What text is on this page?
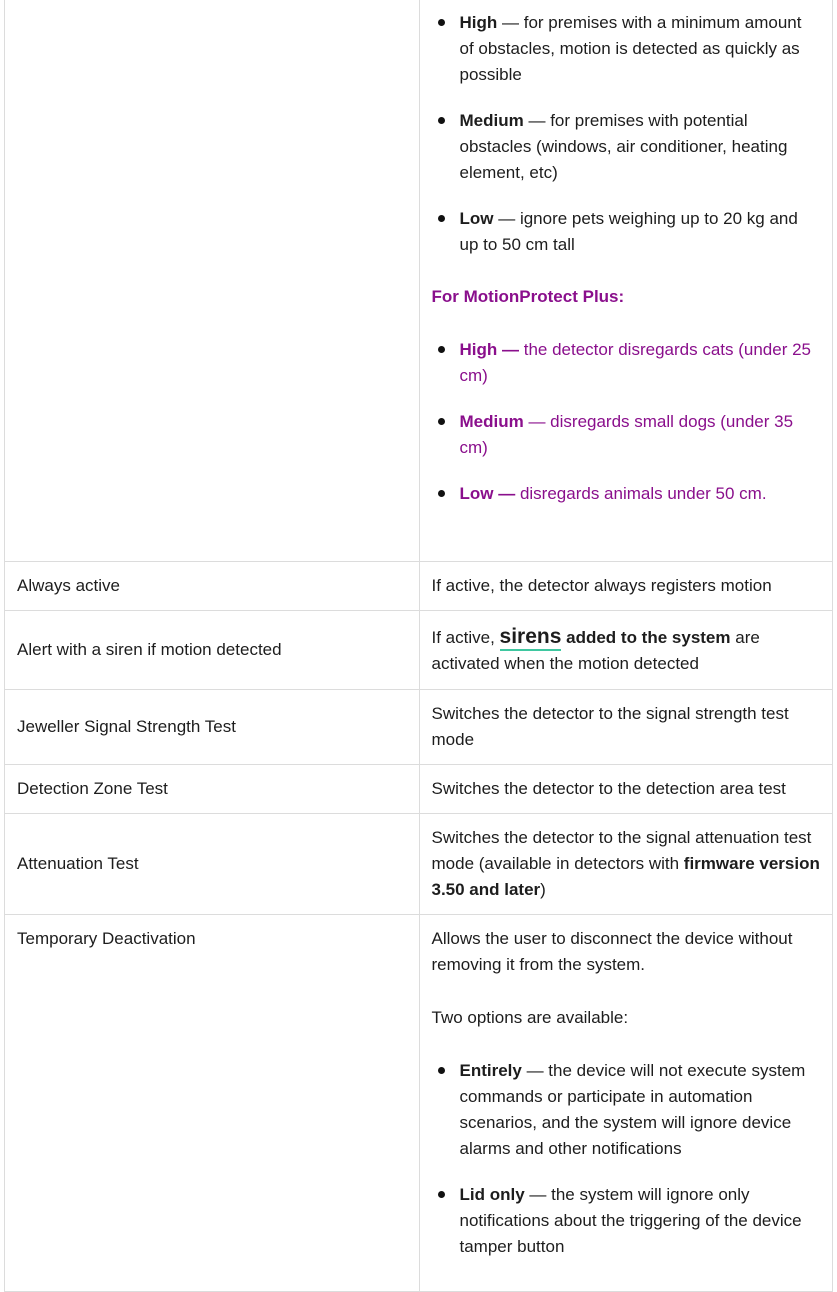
High — for premises with a minimum amount of obstacles, motion is detected as quickly as possible
Medium — for premises with potential obstacles (windows, air conditioner, heating element, etc)
Low — ignore pets weighing up to 20 kg and up to 50 cm tall
For MotionProtect Plus:
High — the detector disregards cats (under 25 cm)
Medium — disregards small dogs (under 35 cm)
Low — disregards animals under 50 cm.

Always active	If active, the detector always registers motion
Alert with a siren if motion detected	If active, sirens added to the system are activated when the motion detected
Jeweller Signal Strength Test	Switches the detector to the signal strength test mode
Detection Zone Test	Switches the detector to the detection area test
Attenuation Test	Switches the detector to the signal attenuation test mode (available in detectors with firmware version 3.50 and later)
Temporary Deactivation	Allows the user to disconnect the device without removing it from the system.

Two options are available:

Entirely — the device will not execute system commands or participate in automation scenarios, and the system will ignore device alarms and other notifications
Lid only — the system will ignore only notifications about the triggering of the device tamper button
